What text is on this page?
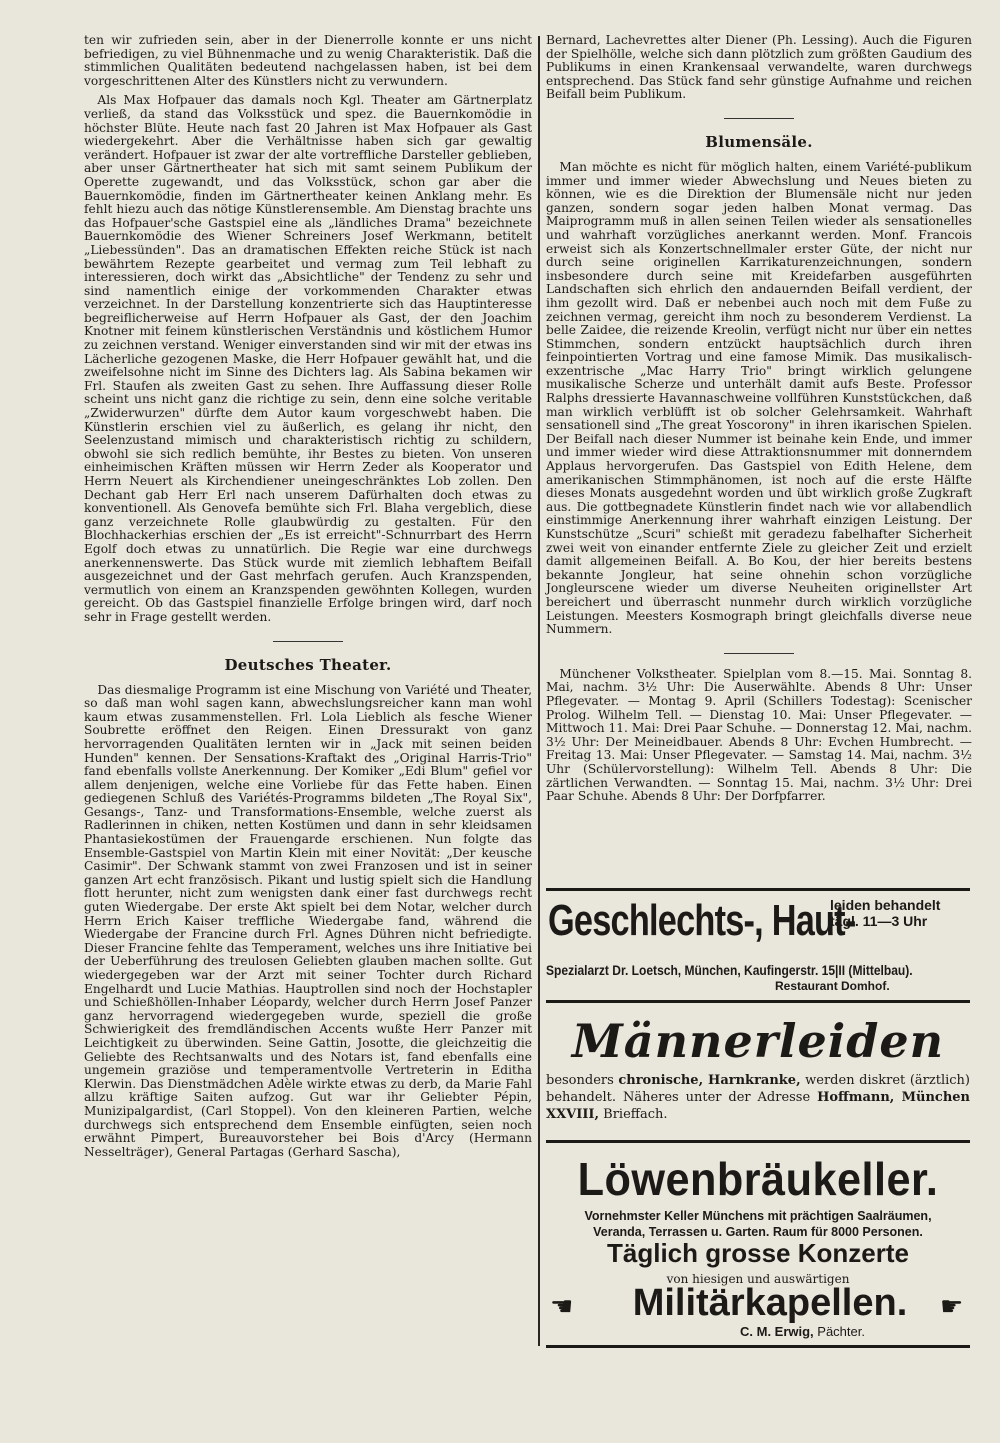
ten wir zufrieden sein, aber in der Dienerrolle konnte er uns nicht befriedigen, zu viel Bühnenmache und zu wenig Charakteristik. Daß die stimmlichen Qualitäten bedeutend nachgelassen haben, ist bei dem vorgeschrittenen Alter des Künstlers nicht zu verwundern.

Als Max Hofpauer das damals noch Kgl. Theater am Gärtnerplatz verließ, da stand das Volksstück und spez. die Bauernkomödie in höchster Blüte. Heute nach fast 20 Jahren ist Max Hofpauer als Gast wiedergekehrt. Aber die Verhältnisse haben sich gar gewaltig verändert. Hofpauer ist zwar der alte vortreffliche Darsteller geblieben, aber unser Gärtnertheater hat sich mit samt seinem Publikum der Operette zugewandt, und das Volksstück, schon gar aber die Bauernkomödie, finden im Gärtnertheater keinen Anklang mehr. Es fehlt hiezu auch das nötige Künstlerensemble. Am Dienstag brachte uns das Hofpauer'sche Gastspiel eine als „ländliches Drama" bezeichnete Bauernkomödie des Wiener Schreiners Josef Werkmann, betitelt „Liebessünden". Das an dramatischen Effekten reiche Stück ist nach bewährtem Rezepte gearbeitet und vermag zum Teil lebhaft zu interessieren, doch wirkt das „Absichtliche" der Tendenz zu sehr und sind namentlich einige der vorkommenden Charakter etwas verzeichnet. In der Darstellung konzentrierte sich das Hauptinteresse begreiflicherweise auf Herrn Hofpauer als Gast, der den Joachim Knotner mit feinem künstlerischen Verständnis und köstlichem Humor zu zeichnen verstand. Weniger einverstanden sind wir mit der etwas ins Lächerliche gezogenen Maske, die Herr Hofpauer gewählt hat, und die zweifelsohne nicht im Sinne des Dichters lag. Als Sabina bekamen wir Frl. Staufen als zweiten Gast zu sehen. Ihre Auffassung dieser Rolle scheint uns nicht ganz die richtige zu sein, denn eine solche veritable „Zwiderwurzen" dürfte dem Autor kaum vorgeschwebt haben. Die Künstlerin erschien viel zu äußerlich, es gelang ihr nicht, den Seelenzustand mimisch und charakteristisch richtig zu schildern, obwohl sie sich redlich bemühte, ihr Bestes zu bieten. Von unseren einheimischen Kräften müssen wir Herrn Zeder als Kooperator und Herrn Neuert als Kirchendiener uneingeschränktes Lob zollen. Den Dechant gab Herr Erl nach unserem Dafürhalten doch etwas zu konventionell. Als Genovefa bemühte sich Frl. Blaha vergeblich, diese ganz verzeichnete Rolle glaubwürdig zu gestalten. Für den Blochhackerhias erschien der „Es ist erreicht"-Schnurrbart des Herrn Egolf doch etwas zu unnatürlich. Die Regie war eine durchwegs anerkennenswerte. Das Stück wurde mit ziemlich lebhaftem Beifall ausgezeichnet und der Gast mehrfach gerufen. Auch Kranzspenden, vermutlich von einem an Kranzspenden gewöhnten Kollegen, wurden gereicht. Ob das Gastspiel finanzielle Erfolge bringen wird, darf noch sehr in Frage gestellt werden.

Deutsches Theater.

Das diesmalige Programm ist eine Mischung von Variété und Theater, so daß man wohl sagen kann, abwechslungsreicher kann man wohl kaum etwas zusammenstellen. Frl. Lola Lieblich als fesche Wiener Soubrette eröffnet den Reigen. Einen Dressurakt von ganz hervorragenden Qualitäten lernten wir in „Jack mit seinen beiden Hunden" kennen. Der Sensations-Kraftakt des „Original Harris-Trio" fand ebenfalls vollste Anerkennung. Der Komiker „Edi Blum" gefiel vor allem denjenigen, welche eine Vorliebe für das Fette haben. Einen gediegenen Schluß des Variétés-Programms bildeten „The Royal Six", Gesangs-, Tanz- und Transformations-Ensemble, welche zuerst als Radlerinnen in chiken, netten Kostümen und dann in sehr kleidsamen Phantasiekostümen der Frauengarde erschienen. Nun folgte das Ensemble-Gastspiel von Martin Klein mit einer Novität: „Der keusche Casimir". Der Schwank stammt von zwei Franzosen und ist in seiner ganzen Art echt französisch. Pikant und lustig spielt sich die Handlung flott herunter, nicht zum wenigsten dank einer fast durchwegs recht guten Wiedergabe. Der erste Akt spielt bei dem Notar, welcher durch Herrn Erich Kaiser treffliche Wiedergabe fand, während die Wiedergabe der Francine durch Frl. Agnes Dühren nicht befriedigte. Dieser Francine fehlte das Temperament, welches uns ihre Initiative bei der Ueberführung des treulosen Geliebten glauben machen sollte. Gut wiedergegeben war der Arzt mit seiner Tochter durch Richard Engelhardt und Lucie Mathias. Hauptrollen sind noch der Hochstapler und Schießhöllen-Inhaber Léopardy, welcher durch Herrn Josef Panzer ganz hervorragend wiedergegeben wurde, speziell die große Schwierigkeit des fremdländischen Accents wußte Herr Panzer mit Leichtigkeit zu überwinden. Seine Gattin, Josotte, die gleichzeitig die Geliebte des Rechtsanwalts und des Notars ist, fand ebenfalls eine ungemein graziöse und temperamentvolle Vertreterin in Editha Klerwin. Das Dienstmädchen Adèle wirkte etwas zu derb, da Marie Fahl allzu kräftige Saiten aufzog. Gut war ihr Geliebter Pépin, Munizipalgardist, (Carl Stoppel). Von den kleineren Partien, welche durchwegs sich entsprechend dem Ensemble einfügten, seien noch erwähnt Pimpert, Bureauvorsteher bei Bois d'Arcy (Hermann Nesselträger), General Partagas (Gerhard Sascha),

Bernard, Lachevrettes alter Diener (Ph. Lessing). Auch die Figuren der Spielhölle, welche sich dann plötzlich zum größten Gaudium des Publikums in einen Krankensaal verwandelte, waren durchwegs entsprechend. Das Stück fand sehr günstige Aufnahme und reichen Beifall beim Publikum.

Blumensäle.

Man möchte es nicht für möglich halten, einem Variété-publikum immer und immer wieder Abwechslung und Neues bieten zu können, wie es die Direktion der Blumensäle nicht nur jeden ganzen, sondern sogar jeden halben Monat vermag. Das Maiprogramm muß in allen seinen Teilen wieder als sensationelles und wahrhaft vorzügliches anerkannt werden. Monf. Francois erweist sich als Konzertschnellmaler erster Güte, der nicht nur durch seine originellen Karrikaturenzeichnungen, sondern insbesondere durch seine mit Kreidefarben ausgeführten Landschaften sich ehrlich den andauernden Beifall verdient, der ihm gezollt wird. Daß er nebenbei auch noch mit dem Fuße zu zeichnen vermag, gereicht ihm noch zu besonderem Verdienst. La belle Zaidee, die reizende Kreolin, verfügt nicht nur über ein nettes Stimmchen, sondern entzückt hauptsächlich durch ihren feinpointierten Vortrag und eine famose Mimik. Das musikalisch-exzentrische „Mac Harry Trio" bringt wirklich gelungene musikalische Scherze und unterhält damit aufs Beste. Professor Ralphs dressierte Havannaschweine vollführen Kunststückchen, daß man wirklich verblüfft ist ob solcher Gelehrsamkeit. Wahrhaft sensationell sind „The great Yoscorony" in ihren ikarischen Spielen. Der Beifall nach dieser Nummer ist beinahe kein Ende, und immer und immer wieder wird diese Attraktionsnummer mit donnerndem Applaus hervorgerufen. Das Gastspiel von Edith Helene, dem amerikanischen Stimmphänomen, ist noch auf die erste Hälfte dieses Monats ausgedehnt worden und übt wirklich große Zugkraft aus. Die gottbegnadete Künstlerin findet nach wie vor allabendlich einstimmige Anerkennung ihrer wahrhaft einzigen Leistung. Der Kunstschütze „Scuri" schießt mit geradezu fabelhafter Sicherheit zwei weit von einander entfernte Ziele zu gleicher Zeit und erzielt damit allgemeinen Beifall. A. Bo Kou, der hier bereits bestens bekannte Jongleur, hat seine ohnehin schon vorzügliche Jongleurscene wieder um diverse Neuheiten originellster Art bereichert und überrascht nunmehr durch wirklich vorzügliche Leistungen. Meesters Kosmograph bringt gleichfalls diverse neue Nummern.

Münchener Volkstheater. Spielplan vom 8.—15. Mai. Sonntag 8. Mai, nachm. 3½ Uhr: Die Auserwählte. Abends 8 Uhr: Unser Pflegevater. — Montag 9. April (Schillers Todestag): Scenischer Prolog. Wilhelm Tell. — Dienstag 10. Mai: Unser Pflegevater. — Mittwoch 11. Mai: Drei Paar Schuhe. — Donnerstag 12. Mai, nachm. 3½ Uhr: Der Meineidbauer. Abends 8 Uhr: Evchen Humbrecht. — Freitag 13. Mai: Unser Pflegevater. — Samstag 14. Mai, nachm. 3½ Uhr (Schülervorstellung): Wilhelm Tell. Abends 8 Uhr: Die zärtlichen Verwandten. — Sonntag 15. Mai, nachm. 3½ Uhr: Drei Paar Schuhe. Abends 8 Uhr: Der Dorfpfarrer.

Geschlechts-, Haut-
leiden behandelt
tägl. 11—3 Uhr
Spezialarzt Dr. Loetsch, München, Kaufingerstr. 15|II (Mittelbau).
Restaurant Domhof.
Männerleiden
besonders chronische, Harnkranke, werden diskret (ärztlich) behandelt. Näheres unter der Adresse Hoffmann, München XXVIII, Brieffach.
Löwenbräukeller.
Vornehmster Keller Münchens mit prächtigen Saalräumen,
Veranda, Terrassen u. Garten. Raum für 8000 Personen.
Täglich grosse Konzerte
von hiesigen und auswärtigen
☚	Militärkapellen.	☛
C. M. Erwig, Pächter.
